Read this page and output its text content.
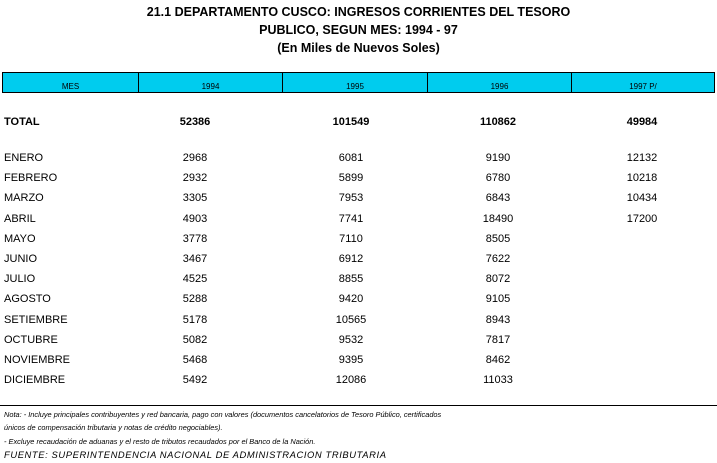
21.1 DEPARTAMENTO CUSCO: INGRESOS CORRIENTES DEL TESORO
PUBLICO, SEGUN MES: 1994 - 97
(En Miles de Nuevos Soles)
MES	1994	1995	1996	1997 P/
TOTAL	52386	101549	110862	49984
ENERO	2968	6081	9190	12132
FEBRERO	2932	5899	6780	10218
MARZO	3305	7953	6843	10434
ABRIL	4903	7741	18490	17200
MAYO	3778	7110	8505
JUNIO	3467	6912	7622
JULIO	4525	8855	8072
AGOSTO	5288	9420	9105
SETIEMBRE	5178	10565	8943
OCTUBRE	5082	9532	7817
NOVIEMBRE	5468	9395	8462
DICIEMBRE	5492	12086	11033
Nota: - Incluye principales contribuyentes y red bancaria, pago con valores (documentos cancelatorios de Tesoro Público, certificados
únicos de compensación tributaria y notas de crédito negociables).
- Excluye recaudación de aduanas y el resto de tributos recaudados por el Banco de la Nación.
FUENTE: SUPERINTENDENCIA NACIONAL DE ADMINISTRACION TRIBUTARIA
